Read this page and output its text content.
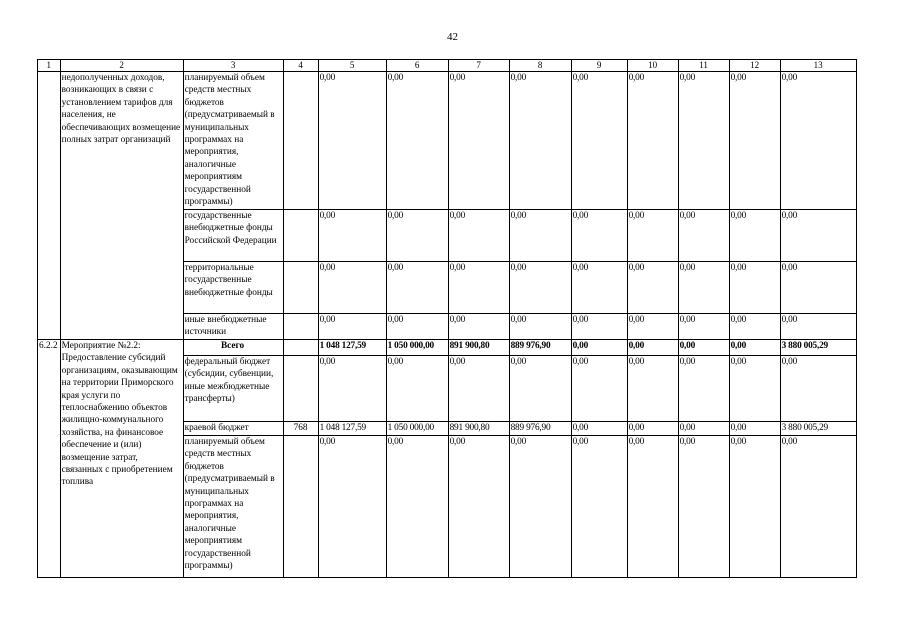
42
1	2	3	4	5	6	7	8	9	10	11	12	13
	недополученных доходов, возникающих в связи с установлением тарифов для населения, не обеспечивающих возмещение полных затрат организаций	планируемый объем средств местных бюджетов (предусматриваемый в муниципальных программах на мероприятия, аналогичные мероприятиям государственной программы)		0,00	0,00	0,00	0,00	0,00	0,00	0,00	0,00	0,00
		государственные внебюджетные фонды Российской Федерации		0,00	0,00	0,00	0,00	0,00	0,00	0,00	0,00	0,00
		территориальные государственные внебюджетные фонды		0,00	0,00	0,00	0,00	0,00	0,00	0,00	0,00	0,00
		иные внебюджетные источники		0,00	0,00	0,00	0,00	0,00	0,00	0,00	0,00	0,00
6.2.2	Мероприятие №2.2: Предоставление субсидий организациям, оказывающим на территории Приморского края услуги по теплоснабжению объектов жилищно-коммунального хозяйства, на финансовое обеспечение и (или) возмещение затрат, связанных с приобретением топлива	Всего		1 048 127,59	1 050 000,00	891 900,80	889 976,90	0,00	0,00	0,00	0,00	3 880 005,29
		федеральный бюджет (субсидии, субвенции, иные межбюджетные трансферты)		0,00	0,00	0,00	0,00	0,00	0,00	0,00	0,00	0,00
		краевой бюджет	768	1 048 127,59	1 050 000,00	891 900,80	889 976,90	0,00	0,00	0,00	0,00	3 880 005,29
		планируемый объем средств местных бюджетов (предусматриваемый в муниципальных программах на мероприятия, аналогичные мероприятиям государственной программы)		0,00	0,00	0,00	0,00	0,00	0,00	0,00	0,00	0,00
